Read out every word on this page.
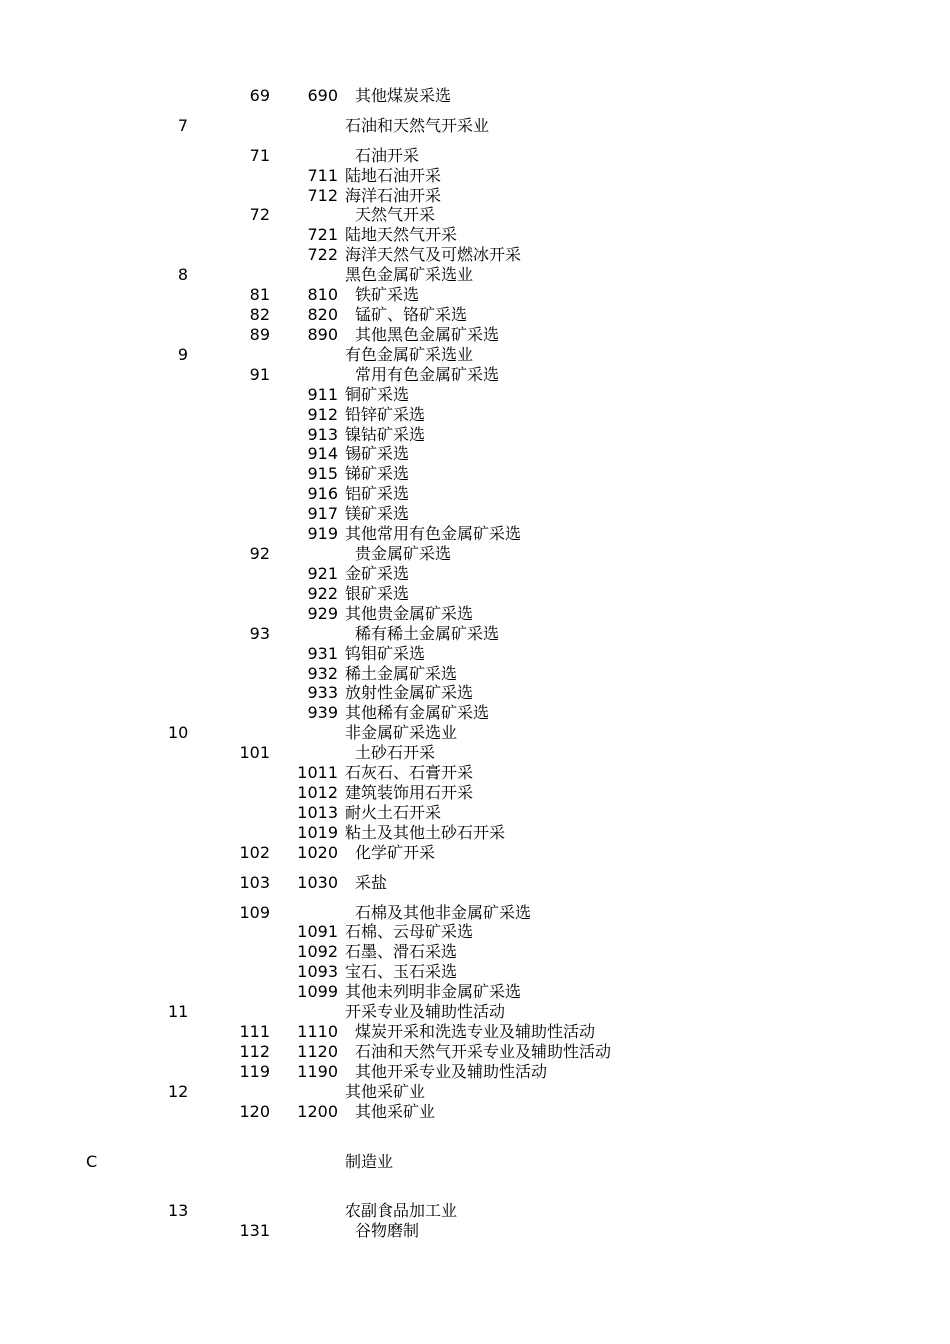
69	690 其他煤炭采选
7	石油和天然气开采业
71	石油开采
711 陆地石油开采
712 海洋石油开采
72	天然气开采
721 陆地天然气开采
722 海洋天然气及可燃冰开采
8	黑色金属矿采选业
81	810 铁矿采选
82	820 锰矿、铬矿采选
89	890 其他黑色金属矿采选
9	有色金属矿采选业
91	常用有色金属矿采选
911 铜矿采选
912 铅锌矿采选
913 镍钴矿采选
914 锡矿采选
915 锑矿采选
916 铝矿采选
917 镁矿采选
919 其他常用有色金属矿采选
92	贵金属矿采选
921 金矿采选
922 银矿采选
929 其他贵金属矿采选
93	稀有稀土金属矿采选
931 钨钼矿采选
932 稀土金属矿采选
933 放射性金属矿采选
939 其他稀有金属矿采选
10	非金属矿采选业
101	土砂石开采
1011 石灰石、石膏开采
1012 建筑装饰用石开采
1013 耐火土石开采
1019 粘土及其他土砂石开采
102 1020 化学矿开采
103 1030 采盐
109	石棉及其他非金属矿采选
1091 石棉、云母矿采选
1092 石墨、滑石采选
1093 宝石、玉石采选
1099 其他未列明非金属矿采选
11	开采专业及辅助性活动
111 1110 煤炭开采和洗选专业及辅助性活动
112 1120 石油和天然气开采专业及辅助性活动
119 1190 其他开采专业及辅助性活动
12	其他采矿业
120 1200 其他采矿业
C	制造业
13	农副食品加工业
131	谷物磨制
